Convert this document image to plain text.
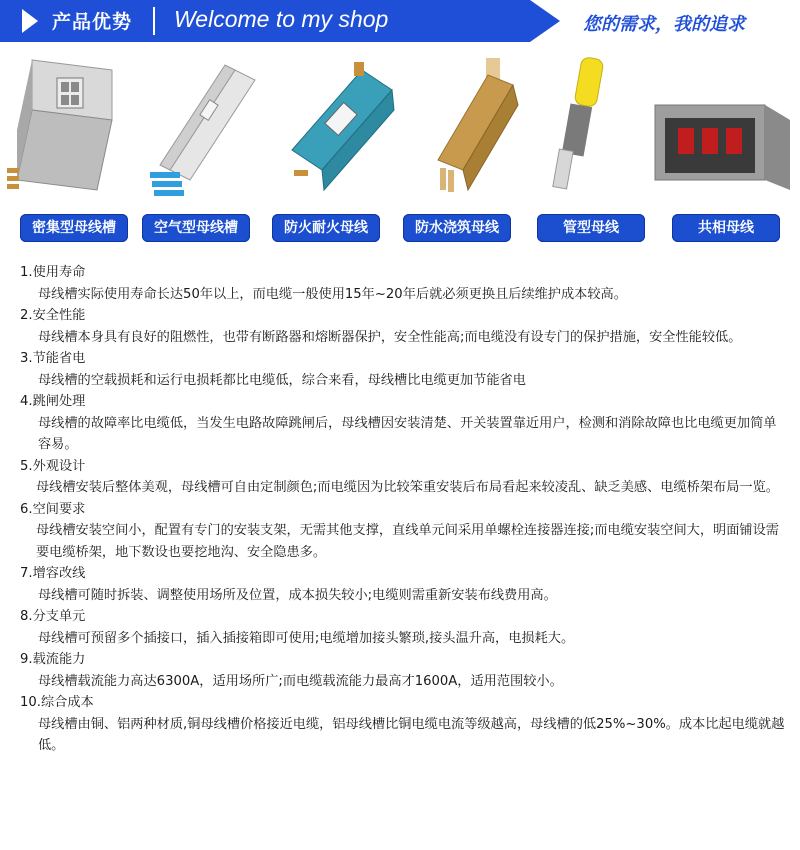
产品优势 Welcome to my shop	您的需求，我的追求
密集型母线槽	空气型母线槽	防火耐火母线	防水浇筑母线	管型母线	共相母线

1.使用寿命

母线槽实际使用寿命长达50年以上，而电缆一般使用15年~20年后就必须更换且后续维护成本较高。

2.安全性能

母线槽本身具有良好的阻燃性，也带有断路器和熔断器保护，安全性能高;而电缆没有设专门的保护措施，安全性能较低。

3.节能省电

母线槽的空载损耗和运行电损耗都比电缆低，综合来看，母线槽比电缆更加节能省电

4.跳闸处理

母线槽的故障率比电缆低，当发生电路故障跳闸后，母线槽因安装清楚、开关装置靠近用户，检测和消除故障也比电缆更加简单容易。

5.外观设计

母线槽安装后整体美观，母线槽可自由定制颜色;而电缆因为比较笨重安装后布局看起来较凌乱、缺乏美感、电缆桥架布局一览。

6.空间要求

母线槽安装空间小，配置有专门的安装支架，无需其他支撑，直线单元间采用单螺栓连接器连接;而电缆安装空间大，明面铺设需要电缆桥架，地下数设也要挖地沟、安全隐患多。

7.增容改线

母线槽可随时拆装、调整使用场所及位置，成本损失较小;电缆则需重新安装布线费用高。

8.分支单元

母线槽可预留多个插接口，插入插接箱即可使用;电缆增加接头繁琐,接头温升高，电损耗大。

9.载流能力

母线槽载流能力高达6300A，适用场所广;而电缆载流能力最高才1600A，适用范围较小。

10.综合成本

母线槽由铜、铝两种材质,铜母线槽价格接近电缆，铝母线槽比铜电缆电流等级越高，母线槽的低25%~30%。成本比起电缆就越低。
